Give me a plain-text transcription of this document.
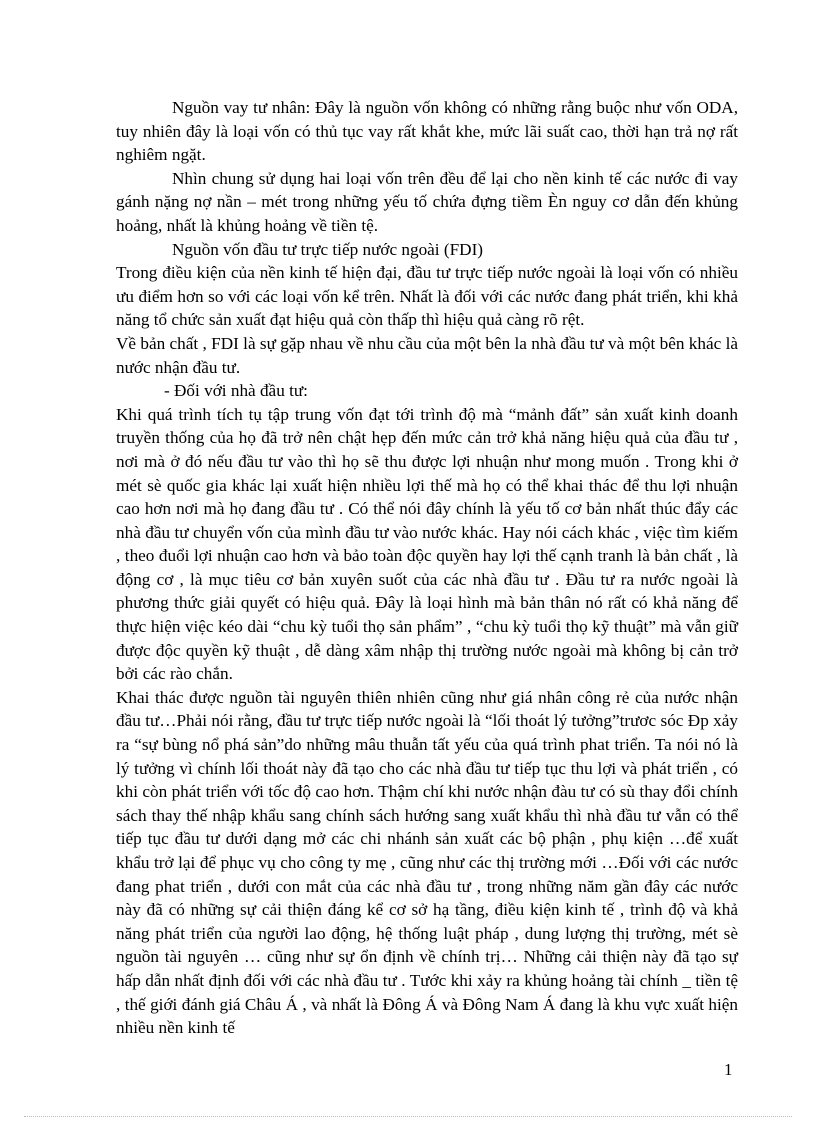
Nguồn vay tư nhân: Đây là nguồn vốn không có những rằng buộc như vốn ODA, tuy nhiên đây là loại vốn có thủ tục vay rất khắt khe, mức lãi suất cao, thời hạn trả nợ rất nghiêm ngặt.

Nhìn chung sử dụng hai loại vốn trên đều để lại cho nền kinh tế các nước đi vay gánh nặng nợ nần – mét trong những yếu tố chứa đựng tiềm Èn nguy cơ dẫn đến khủng hoảng, nhất là khủng hoảng về tiền tệ.

Nguồn vốn đầu tư trực tiếp nước ngoài (FDI)

Trong điều kiện của nền kinh tế hiện đại, đầu tư trực tiếp nước ngoài là loại vốn có nhiều ưu điểm hơn so với các loại vốn kể trên. Nhất là đối với các nước đang phát triển, khi khả năng tổ chức sản xuất đạt hiệu quả còn thấp thì hiệu quả càng rõ rệt.

Về bản chất , FDI là sự gặp nhau về nhu cầu của một bên la nhà đầu tư và một bên khác là nước nhận đầu tư.

- Đối với nhà đầu tư:

Khi quá trình tích tụ tập trung vốn đạt tới trình độ mà “mảnh đất” sản xuất kinh doanh truyền thống của họ đã trở nên chật hẹp đến mức cản trở khả năng hiệu quả của đầu tư , nơi mà ở đó nếu đầu tư vào thì họ sẽ thu được lợi nhuận như mong muốn . Trong khi ở mét sè quốc gia khác lại xuất hiện nhiều lợi thế mà họ có thể khai thác để thu lợi nhuận cao hơn nơi mà họ đang đầu tư . Có thể nói đây chính là yếu tố cơ bản nhất thúc đẩy các nhà đầu tư chuyển vốn của mình đầu tư vào nước khác. Hay nói cách khác , việc tìm kiếm , theo đuổi lợi nhuận cao hơn và bảo toàn độc quyền hay lợi thế cạnh tranh là bản chất , là động cơ , là mục tiêu cơ bản xuyên suốt của các nhà đầu tư . Đầu tư ra nước ngoài là phương thức giải quyết có hiệu quả. Đây là loại hình mà bản thân nó rất có khả năng để thực hiện việc kéo dài “chu kỳ tuổi thọ sản phẩm” , “chu kỳ tuổi thọ kỹ thuật” mà vẫn giữ được độc quyền kỹ thuật , dễ dàng xâm nhập thị trường nước ngoài mà không bị cản trở bởi các rào chắn.

Khai thác được nguồn tài nguyên thiên nhiên cũng như giá nhân công rẻ của nước nhận đầu tư…Phải nói rằng, đầu tư trực tiếp nước ngoài là “lối thoát lý tưởng”trươc sóc Đp xảy ra “sự bùng nổ phá sản”do những mâu thuẫn tất yếu của quá trình phat triển. Ta nói nó là lý tưởng vì chính lối thoát này đã tạo cho các nhà đầu tư tiếp tục thu lợi và phát triển , có khi còn phát triển với tốc độ cao hơn. Thậm chí khi nước nhận đàu tư có sù thay đổi chính sách thay thế nhập khẩu sang chính sách hướng sang xuất khẩu thì nhà đầu tư vẫn có thể tiếp tục đầu tư dưới dạng mở các chi nhánh sản xuất các bộ phận , phụ kiện …để xuất khẩu trở lại để phục vụ cho công ty mẹ , cũng như các thị trường mới …Đối với các nước đang phat triển , dưới con mắt của các nhà đầu tư , trong những năm gần đây các nước này đã có những sự cải thiện đáng kể cơ sở hạ tầng, điều kiện kinh tế , trình độ và khả năng phát triển của người lao động, hệ thống luật pháp , dung lượng thị trường, mét sè nguồn tài nguyên … cũng như sự ổn định về chính trị… Những cải thiện này đã tạo sự hấp dẫn nhất định đối với các nhà đầu tư . Tước khi xảy ra khủng hoảng tài chính _ tiền tệ , thế giới đánh giá Châu Á , và nhất là Đông Á và Đông Nam Á đang là khu vực xuất hiện nhiều nền kinh tế

1
